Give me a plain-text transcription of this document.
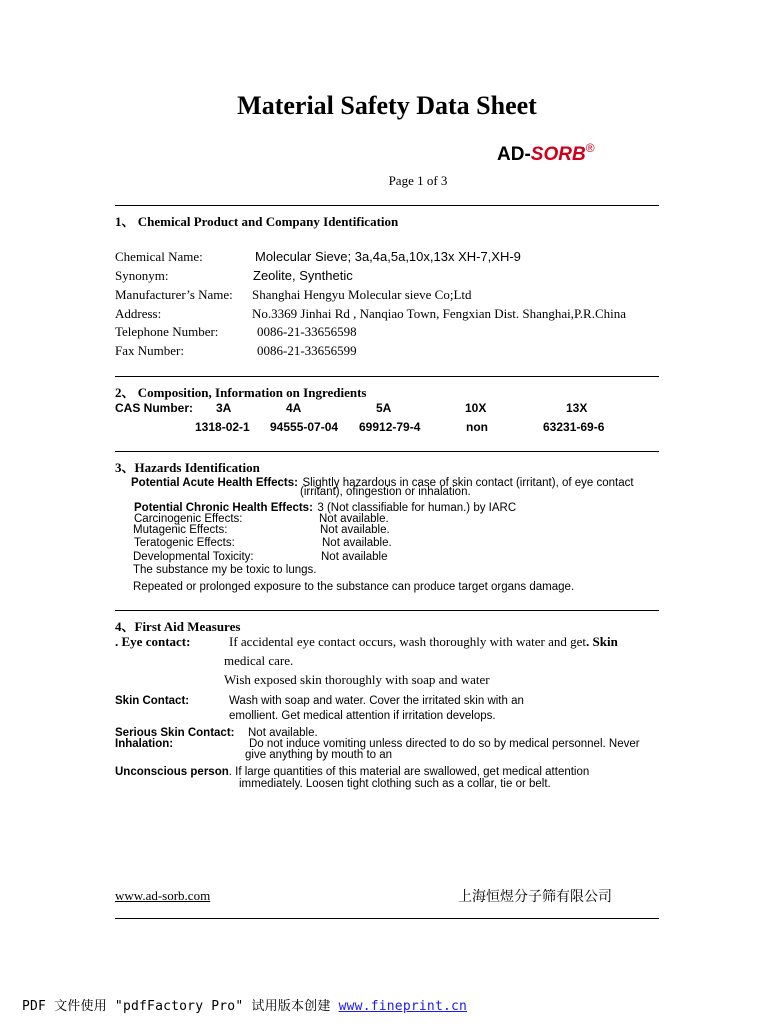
Material Safety Data Sheet
AD-SORB®
Page 1 of 3
1、 Chemical Product and Company Identification
Chemical Name:	Molecular Sieve; 3a,4a,5a,10x,13x XH-7,XH-9
Synonym:	Zeolite, Synthetic
Manufacturer’s Name: Shanghai Hengyu Molecular sieve Co;Ltd
Address:	No.3369 Jinhai Rd , Nanqiao Town, Fengxian Dist. Shanghai,P.R.China
Telephone Number:	0086-21-33656598
Fax Number:	0086-21-33656599
2、 Composition, Information on Ingredients
CAS Number: 3A	4A	5A	10X	13X
1318-02-1 94555-07-04 69912-79-4	non	63231-69-6
3、Hazards Identification
Potential Acute Health Effects: Slightly hazardous in case of skin contact (irritant), of eye contact
(irritant), ofingestion or inhalation.
Potential Chronic Health Effects: 3 (Not classifiable for human.) by IARC
Carcinogenic Effects:	Not available.
Mutagenic Effects:	Not available.
Teratogenic Effects:	Not available.
Developmental Toxicity:	Not available
The substance my be toxic to lungs.
Repeated or prolonged exposure to the substance can produce target organs damage.
4、First Aid Measures
. Eye contact:	If accidental eye contact occurs, wash thoroughly with water and get. Skin
medical care.
Wish exposed skin thoroughly with soap and water
Skin Contact:	Wash with soap and water. Cover the irritated skin with an
emollient. Get medical attention if irritation develops.
Serious Skin Contact: Not available.
Inhalation:	Do not induce vomiting unless directed to do so by medical personnel. Never
give anything by mouth to an
Unconscious person. If large quantities of this material are swallowed, get medical attention
immediately. Loosen tight clothing such as a collar, tie or belt.
www.ad-sorb.com	上海恒煜分子筛有限公司
PDF 文件使用 "pdfFactory Pro" 试用版本创建 www.fineprint.cn
